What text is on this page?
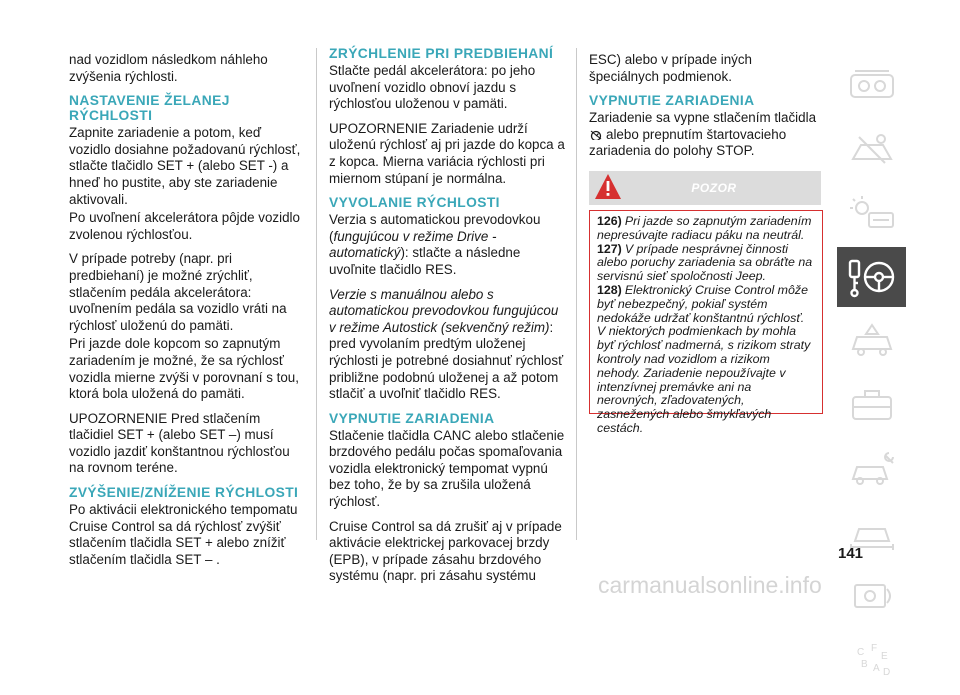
nad vozidlom následkom náhleho zvýšenia rýchlosti.

NASTAVENIE ŽELANEJ RÝCHLOSTI

Zapnite zariadenie a potom, keď vozidlo dosiahne požadovanú rýchlosť, stlačte tlačidlo SET + (alebo SET -) a hneď ho pustite, aby ste zariadenie aktivovali.

Po uvoľnení akcelerátora pôjde vozidlo zvolenou rýchlosťou.

V prípade potreby (napr. pri predbiehaní) je možné zrýchliť, stlačením pedála akcelerátora: uvoľnením pedála sa vozidlo vráti na rýchlosť uloženú do pamäti.

Pri jazde dole kopcom so zapnutým zariadením je možné, že sa rýchlosť vozidla mierne zvýši v porovnaní s tou, ktorá bola uložená do pamäti.

UPOZORNENIE Pred stlačením tlačidiel SET + (alebo SET –) musí vozidlo jazdiť konštantnou rýchlosťou na rovnom teréne.

ZVÝŠENIE/ZNÍŽENIE RÝCHLOSTI

Po aktivácii elektronického tempomatu Cruise Control sa dá rýchlosť zvýšiť stlačením tlačidla SET + alebo znížiť stlačením tlačidla SET – .

ZRÝCHLENIE PRI PREDBIEHANÍ

Stlačte pedál akcelerátora: po jeho uvoľnení vozidlo obnoví jazdu s rýchlosťou uloženou v pamäti.

UPOZORNENIE Zariadenie udrží uloženú rýchlosť aj pri jazde do kopca a z kopca. Mierna variácia rýchlosti pri miernom stúpaní je normálna.

VYVOLANIE RÝCHLOSTI

Verzia s automatickou prevodovkou (fungujúcou v režime Drive - automatický): stlačte a následne uvoľnite tlačidlo RES.

Verzie s manuálnou alebo s automatickou prevodovkou fungujúcou v režime Autostick (sekvenčný režim): pred vyvolaním predtým uloženej rýchlosti je potrebné dosiahnuť rýchlosť približne podobnú uloženej a až potom stlačiť a uvoľniť tlačidlo RES.

VYPNUTIE ZARIADENIA

Stlačenie tlačidla CANC alebo stlačenie brzdového pedálu počas spomaľovania vozidla elektronický tempomat vypnú bez toho, že by sa zrušila uložená rýchlosť.

Cruise Control sa dá zrušiť aj v prípade aktivácie elektrickej parkovacej brzdy (EPB), v prípade zásahu brzdového systému (napr. pri zásahu systému

ESC) alebo v prípade iných špeciálnych podmienok.

VYPNUTIE ZARIADENIA

Zariadenie sa vypne stlačením tlačidla
alebo prepnutím štartovacieho zariadenia do polohy STOP.

POZOR

126) Pri jazde so zapnutým zariadením nepresúvajte radiacu páku na neutrál.

127) V prípade nesprávnej činnosti alebo poruchy zariadenia sa obráťte na servisnú sieť spoločnosti Jeep.

128) Elektronický Cruise Control môže byť nebezpečný, pokiaľ systém nedokáže udržať konštantnú rýchlosť. V niektorých podmienkach by mohla byť rýchlosť nadmerná, s rizikom straty kontroly nad vozidlom a rizikom nehody. Zariadenie nepoužívajte v intenzívnej premávke ani na nerovných, zľadovatených, zasnežených alebo šmykľavých cestách.

C F
E
B A D
141
carmanualsonline.info
